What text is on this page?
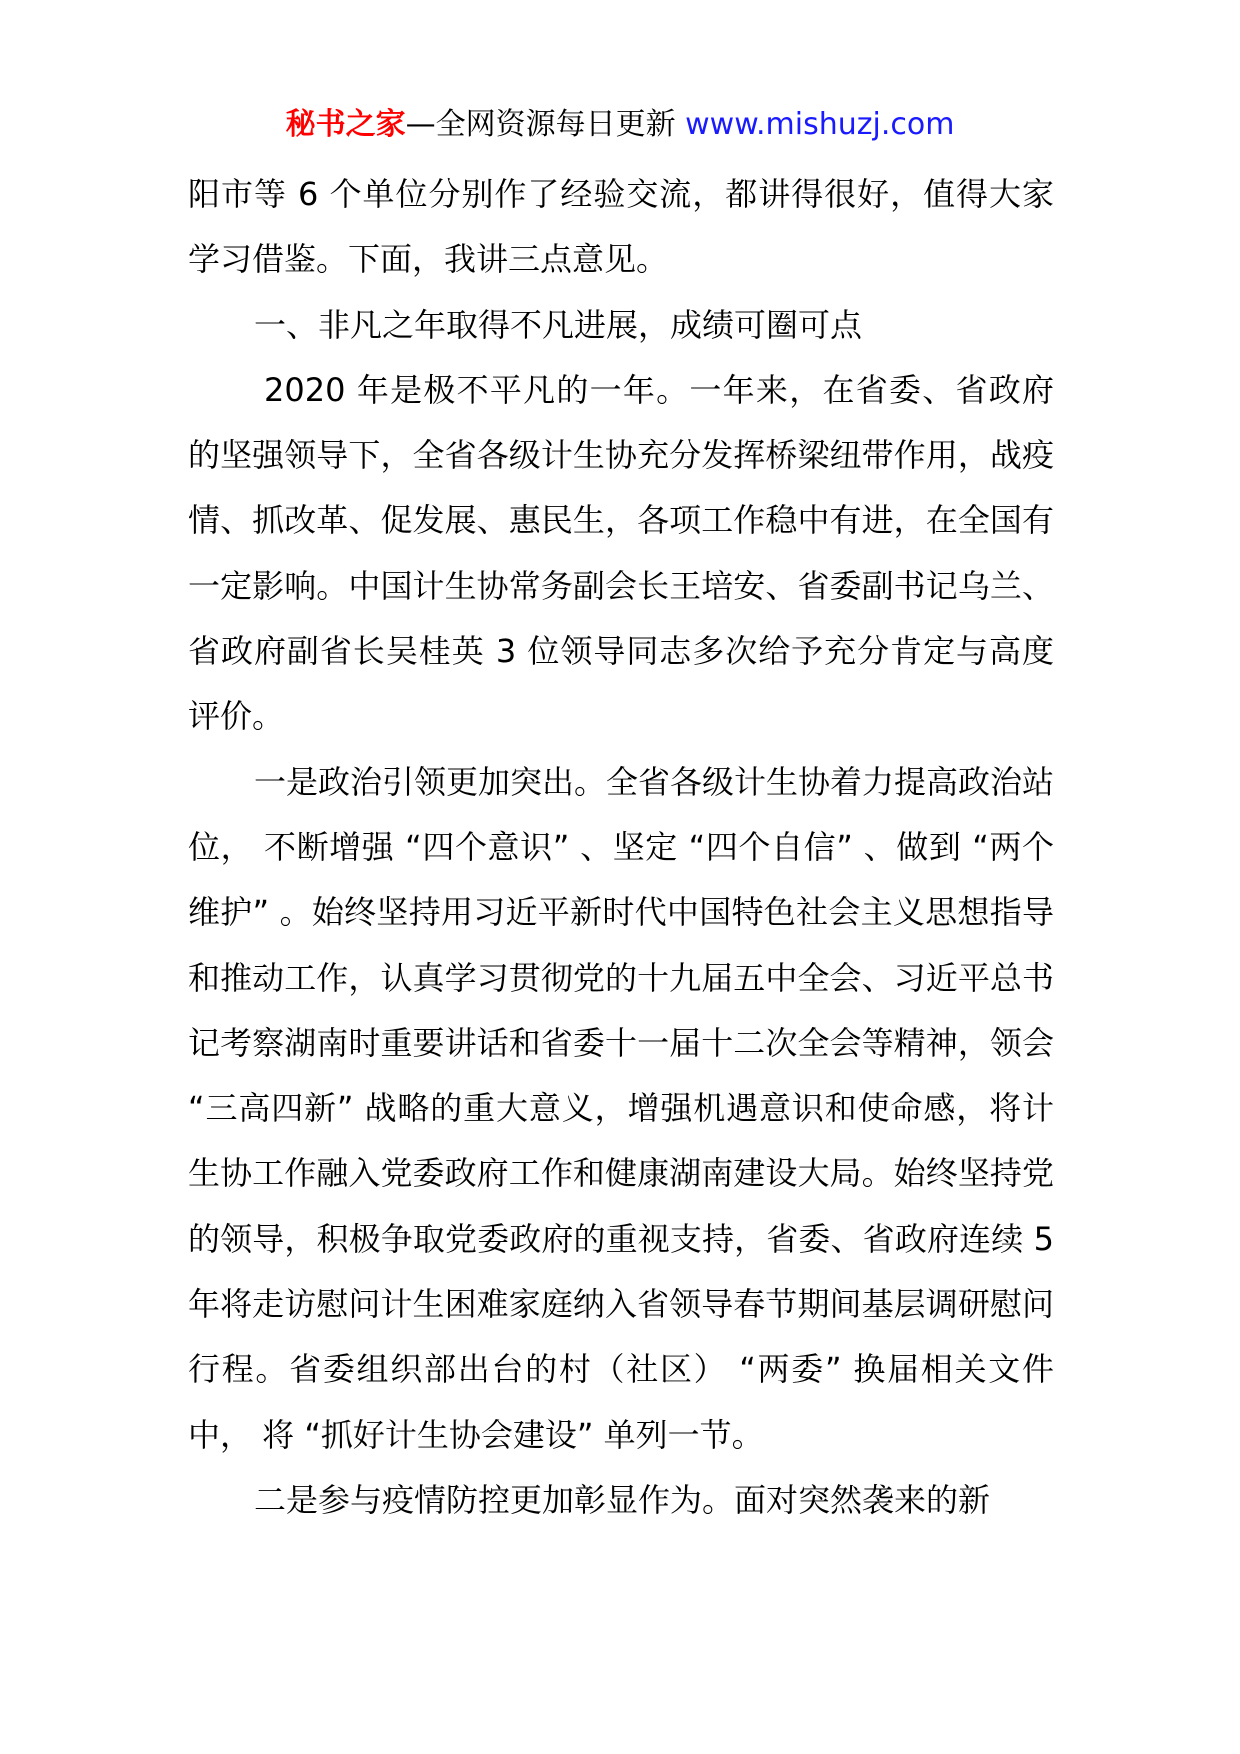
秘书之家—全网资源每日更新 www.mishuzj.com

阳市等 6 个单位分别作了经验交流，都讲得很好，值得大家学习借鉴。下面，我讲三点意见。

一、非凡之年取得不凡进展，成绩可圈可点

2020 年是极不平凡的一年。一年来，在省委、省政府的坚强领导下，全省各级计生协充分发挥桥梁纽带作用，战疫情、抓改革、促发展、惠民生，各项工作稳中有进，在全国有一定影响。中国计生协常务副会长王培安、省委副书记乌兰、省政府副省长吴桂英 3 位领导同志多次给予充分肯定与高度评价。

一是政治引领更加突出。全省各级计生协着力提高政治站位， 不断增强 “四个意识” 、坚定 “四个自信” 、做到 “两个维护” 。始终坚持用习近平新时代中国特色社会主义思想指导和推动工作，认真学习贯彻党的十九届五中全会、习近平总书记考察湖南时重要讲话和省委十一届十二次全会等精神，领会 “三高四新” 战略的重大意义，增强机遇意识和使命感，将计生协工作融入党委政府工作和健康湖南建设大局。始终坚持党的领导，积极争取党委政府的重视支持，省委、省政府连续 5 年将走访慰问计生困难家庭纳入省领导春节期间基层调研慰问行程。省委组织部出台的村（社区） “两委” 换届相关文件中， 将 “抓好计生协会建设” 单列一节。

二是参与疫情防控更加彰显作为。面对突然袭来的新
